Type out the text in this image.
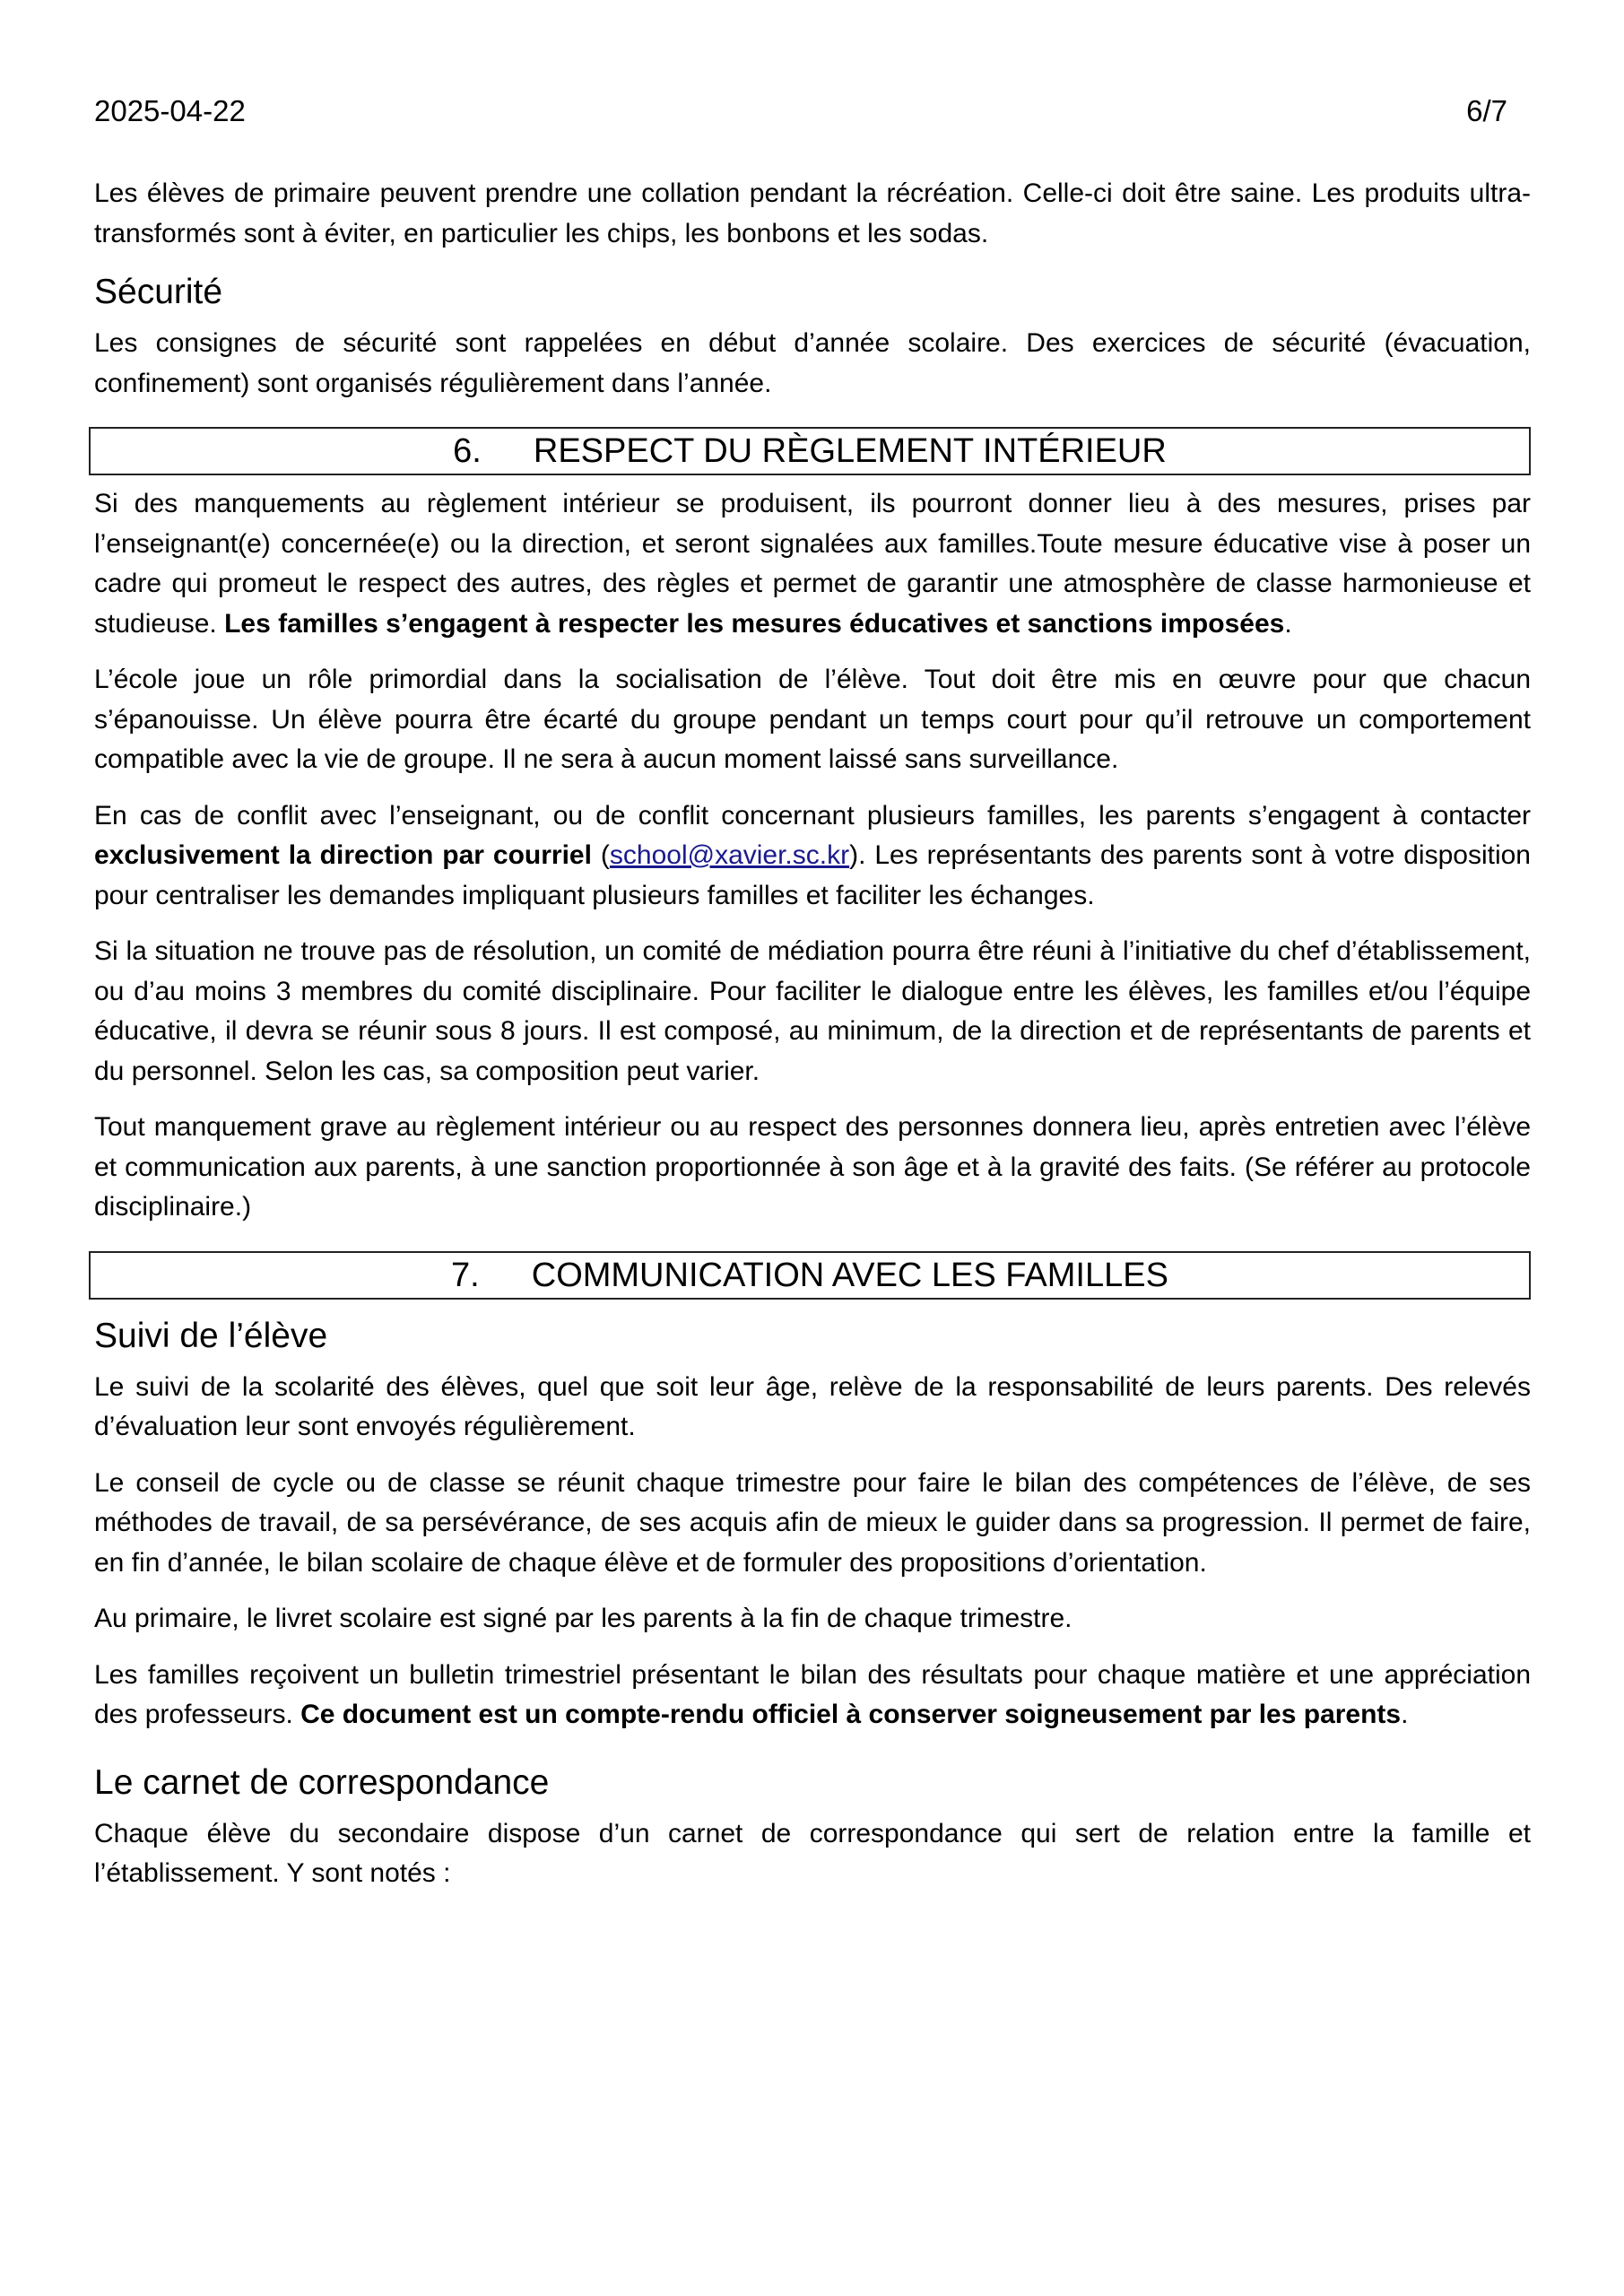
2025-04-22	6/7

Les élèves de primaire peuvent prendre une collation pendant la récréation. Celle-ci doit être saine. Les produits ultra-transformés sont à éviter, en particulier les chips, les bonbons et les sodas.

Sécurité

Les consignes de sécurité sont rappelées en début d’année scolaire. Des exercices de sécurité (évacuation, confinement) sont organisés régulièrement dans l’année.

6. RESPECT DU RÈGLEMENT INTÉRIEUR

Si des manquements au règlement intérieur se produisent, ils pourront donner lieu à des mesures, prises par l’enseignant(e) concernée(e) ou la direction, et seront signalées aux familles.Toute mesure éducative vise à poser un cadre qui promeut le respect des autres, des règles et permet de garantir une atmosphère de classe harmonieuse et studieuse. Les familles s’engagent à respecter les mesures éducatives et sanctions imposées.

L’école joue un rôle primordial dans la socialisation de l’élève. Tout doit être mis en œuvre pour que chacun s’épanouisse. Un élève pourra être écarté du groupe pendant un temps court pour qu’il retrouve un comportement compatible avec la vie de groupe. Il ne sera à aucun moment laissé sans surveillance.

En cas de conflit avec l’enseignant, ou de conflit concernant plusieurs familles, les parents s’engagent à contacter exclusivement la direction par courriel (school@xavier.sc.kr). Les représentants des parents sont à votre disposition pour centraliser les demandes impliquant plusieurs familles et faciliter les échanges.

Si la situation ne trouve pas de résolution, un comité de médiation pourra être réuni à l’initiative du chef d’établissement, ou d’au moins 3 membres du comité disciplinaire. Pour faciliter le dialogue entre les élèves, les familles et/ou l’équipe éducative, il devra se réunir sous 8 jours. Il est composé, au minimum, de la direction et de représentants de parents et du personnel. Selon les cas, sa composition peut varier.

Tout manquement grave au règlement intérieur ou au respect des personnes donnera lieu, après entretien avec l’élève et communication aux parents, à une sanction proportionnée à son âge et à la gravité des faits. (Se référer au protocole disciplinaire.)

7. COMMUNICATION AVEC LES FAMILLES
Suivi de l’élève

Le suivi de la scolarité des élèves, quel que soit leur âge, relève de la responsabilité de leurs parents. Des relevés d’évaluation leur sont envoyés régulièrement.

Le conseil de cycle ou de classe se réunit chaque trimestre pour faire le bilan des compétences de l’élève, de ses méthodes de travail, de sa persévérance, de ses acquis afin de mieux le guider dans sa progression. Il permet de faire, en fin d’année, le bilan scolaire de chaque élève et de formuler des propositions d’orientation.

Au primaire, le livret scolaire est signé par les parents à la fin de chaque trimestre.

Les familles reçoivent un bulletin trimestriel présentant le bilan des résultats pour chaque matière et une appréciation des professeurs. Ce document est un compte-rendu officiel à conserver soigneusement par les parents.

Le carnet de correspondance

Chaque élève du secondaire dispose d’un carnet de correspondance qui sert de relation entre la famille et l’établissement. Y sont notés :
